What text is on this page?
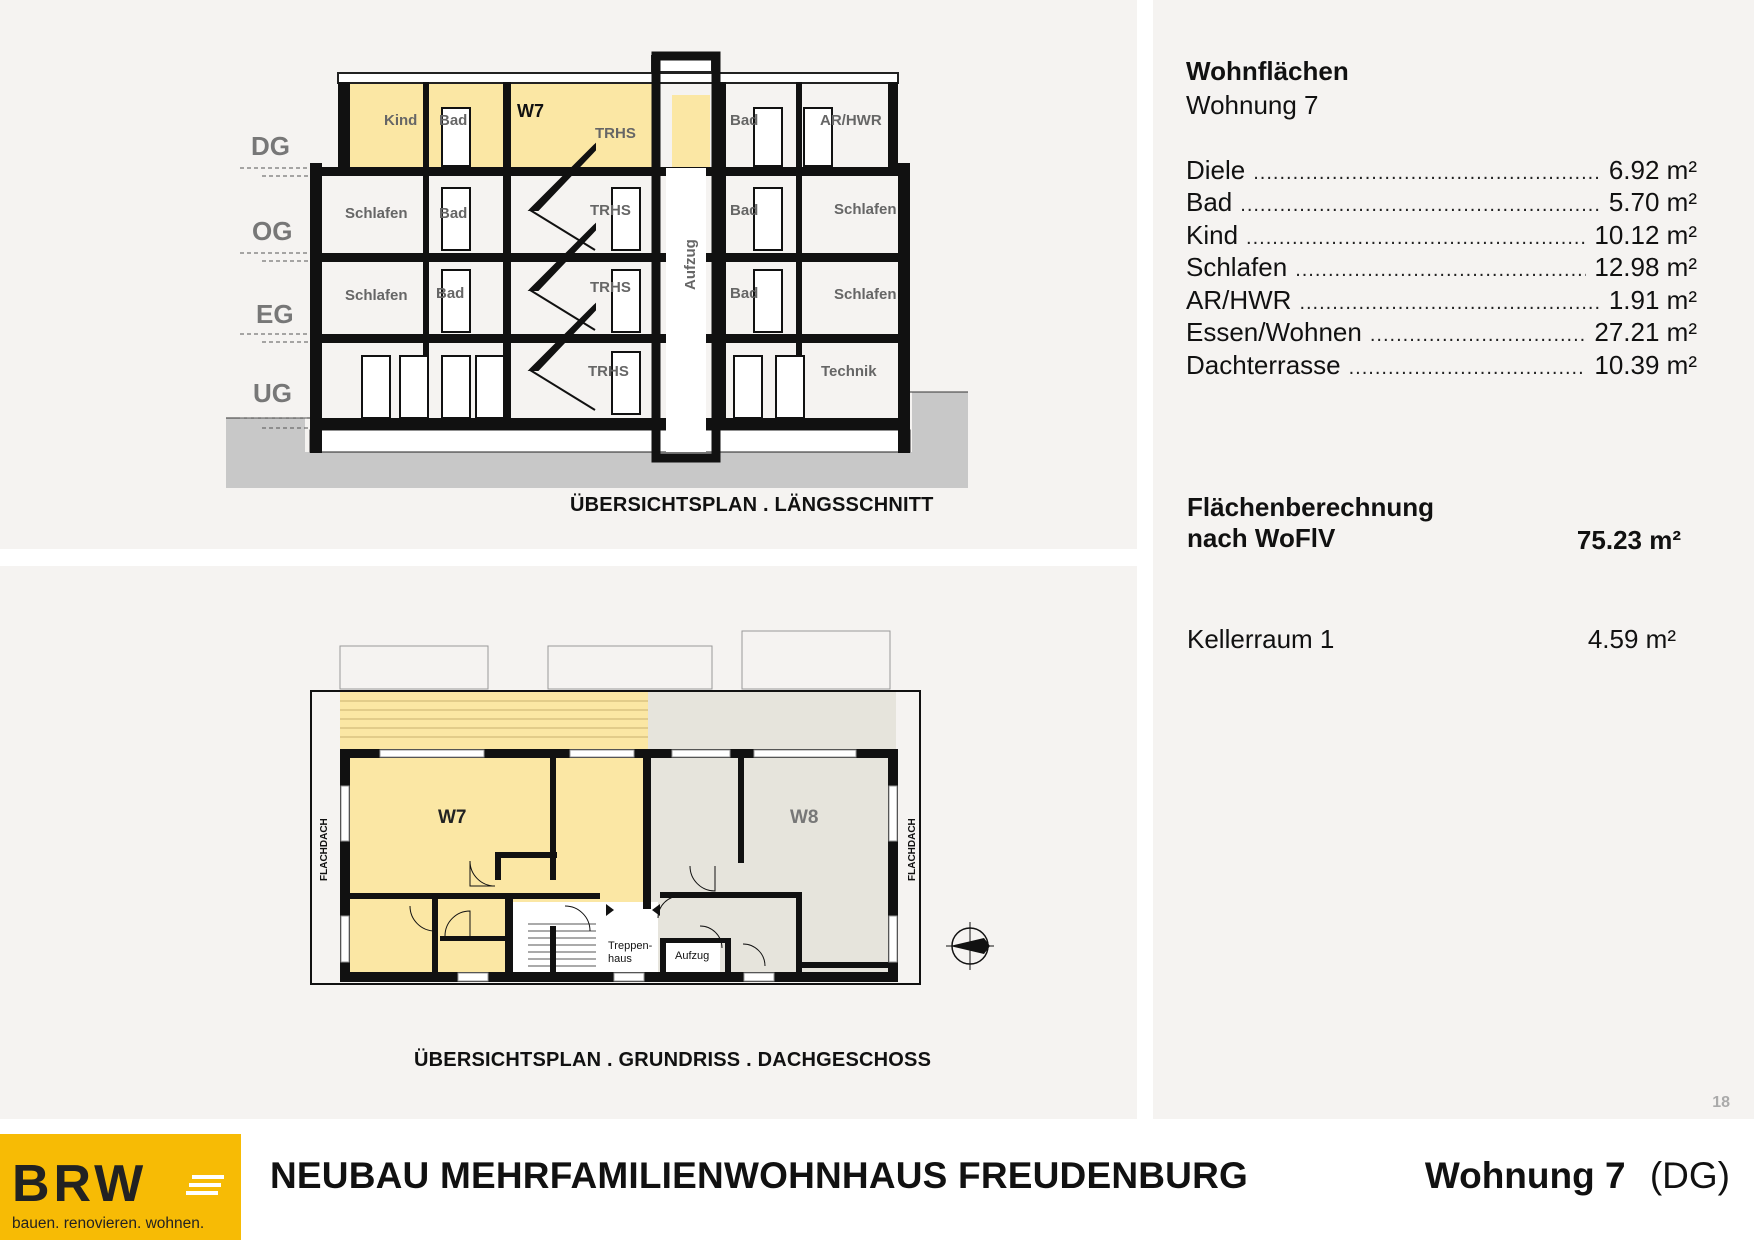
DG
OG
EG
UG
Kind Bad	W7
TRHS
Bad	AR/HWR
Schlafen Bad	TRHS	Bad	Schlafen
Schlafen Bad	TRHS	Bad	Schlafen
TRHS	Technik
Aufzug
ÜBERSICHTSPLAN . LÄNGSSCHNITT
W7	W8
FLACHDACH	FLACHDACH
Treppen-
haus	Aufzug
ÜBERSICHTSPLAN . GRUNDRISS . DACHGESCHOSS
Wohnflächen
Wohnung 7
Diele .....	6.92 m²
Bad .....	5.70 m²
Kind .....	10.12 m²
Schlafen .....	12.98 m²
AR/HWR .....	1.91 m²
Essen/Wohnen .....	27.21 m²
Dachterrasse .....	10.39 m²
Flächenberechnung
nach WoFlV	75.23 m²
Kellerraum 1	4.59 m²
18
BRW
bauen. renovieren. wohnen.
NEUBAU MEHRFAMILIENWOHNHAUS FREUDENBURG	Wohnung 7 (DG)
